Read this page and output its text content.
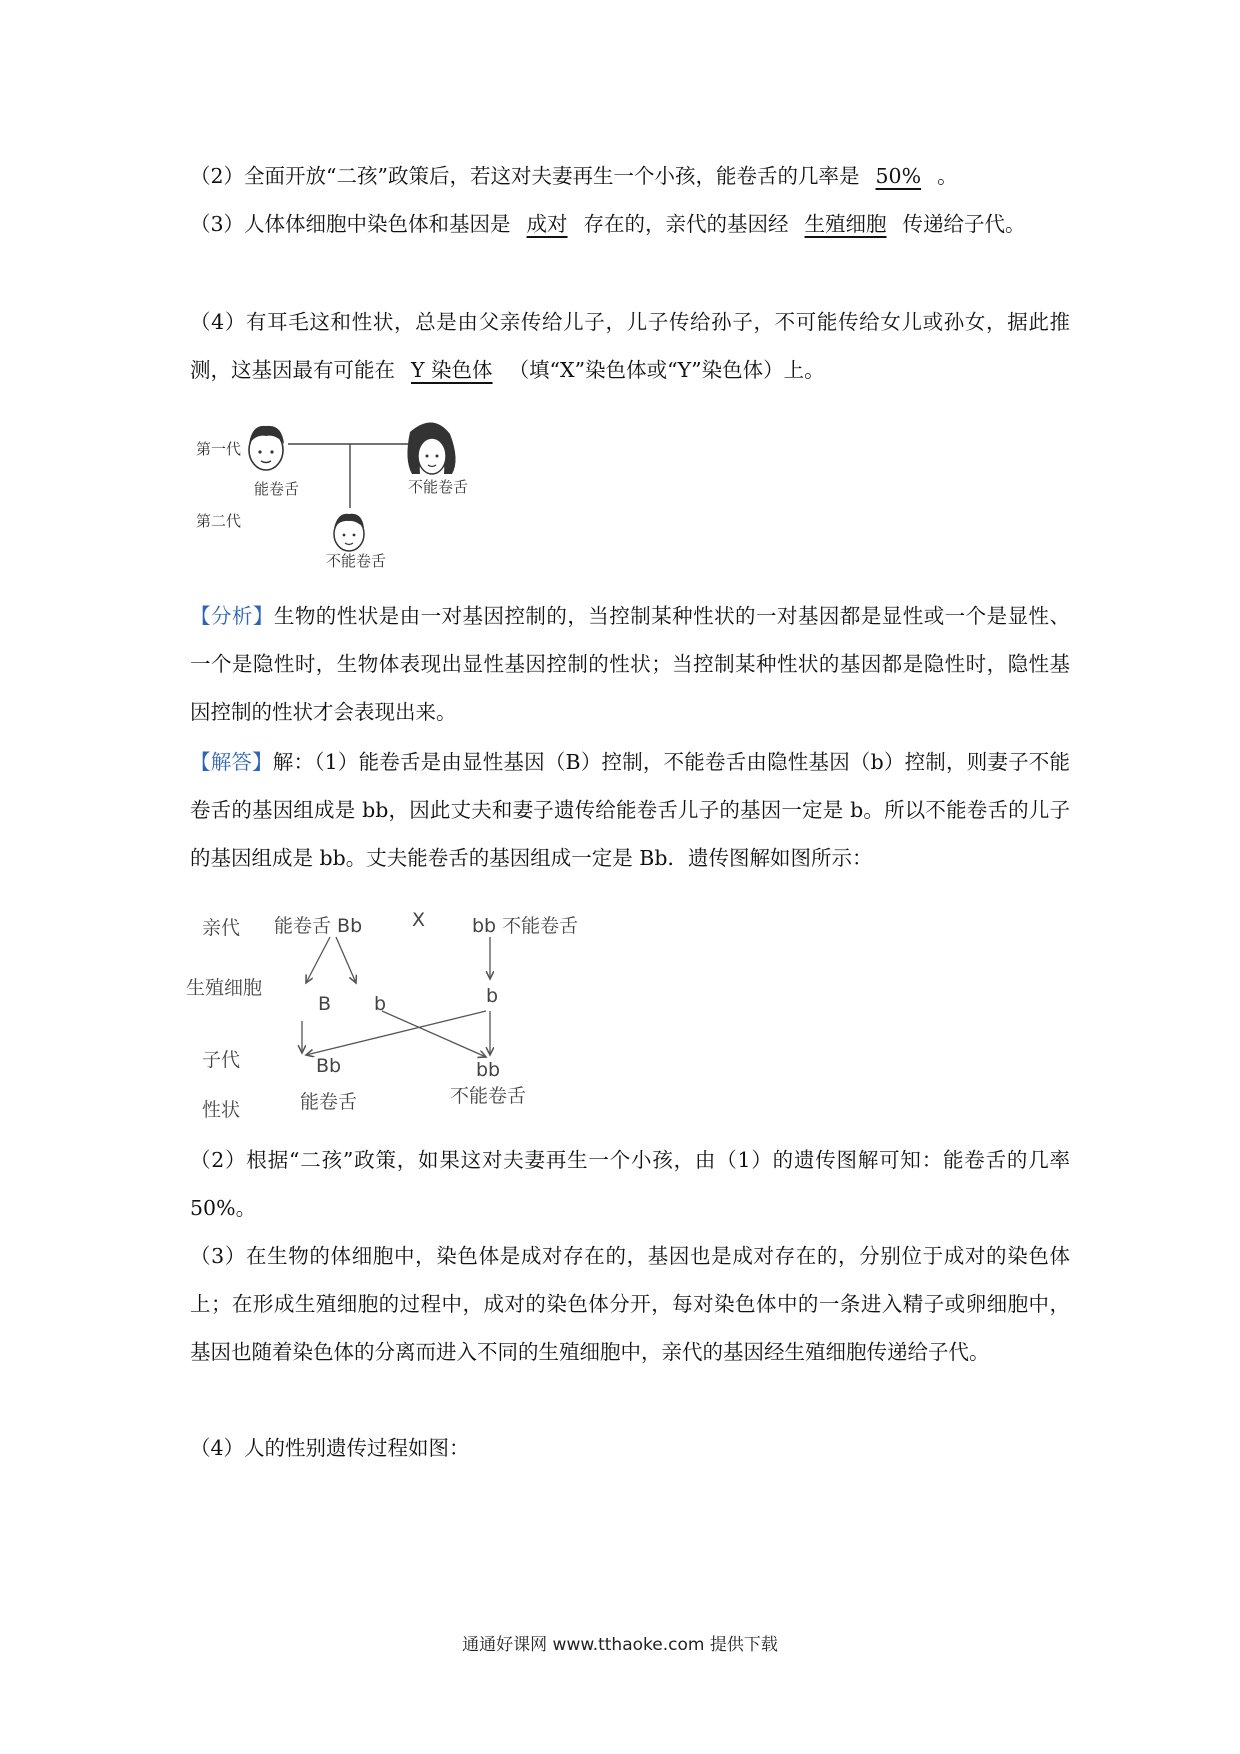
（2）全面开放“二孩”政策后，若这对夫妻再生一个小孩，能卷舌的几率是 50% 。

（3）人体体细胞中染色体和基因是 成对 存在的，亲代的基因经 生殖细胞 传递给子代。

（4）有耳毛这和性状，总是由父亲传给儿子，儿子传给孙子，不可能传给女儿或孙女，据此推测，这基因最有可能在 Y 染色体 （填“X”染色体或“Y”染色体）上。

第一代
第二代
能卷舌	不能卷舌
不能卷舌

【分析】生物的性状是由一对基因控制的，当控制某种性状的一对基因都是显性或一个是显性、一个是隐性时，生物体表现出显性基因控制的性状；当控制某种性状的基因都是隐性时，隐性基因控制的性状才会表现出来。

【解答】解：（1）能卷舌是由显性基因（B）控制，不能卷舌由隐性基因（b）控制，则妻子不能卷舌的基因组成是 bb，因此丈夫和妻子遗传给能卷舌儿子的基因一定是 b。所以不能卷舌的儿子的基因组成是 bb。丈夫能卷舌的基因组成一定是 Bb．遗传图解如图所示：

亲代
生殖细胞
子代
性状
能卷舌 Bb	X bb 不能卷舌
B b	b
Bb	bb
能卷舌	不能卷舌

（2）根据“二孩”政策，如果这对夫妻再生一个小孩，由（1）的遗传图解可知：能卷舌的几率 50%。

（3）在生物的体细胞中，染色体是成对存在的，基因也是成对存在的，分别位于成对的染色体上；在形成生殖细胞的过程中，成对的染色体分开，每对染色体中的一条进入精子或卵细胞中，基因也随着染色体的分离而进入不同的生殖细胞中，亲代的基因经生殖细胞传递给子代。

（4）人的性别遗传过程如图：

通通好课网 www.tthaoke.com 提供下载
